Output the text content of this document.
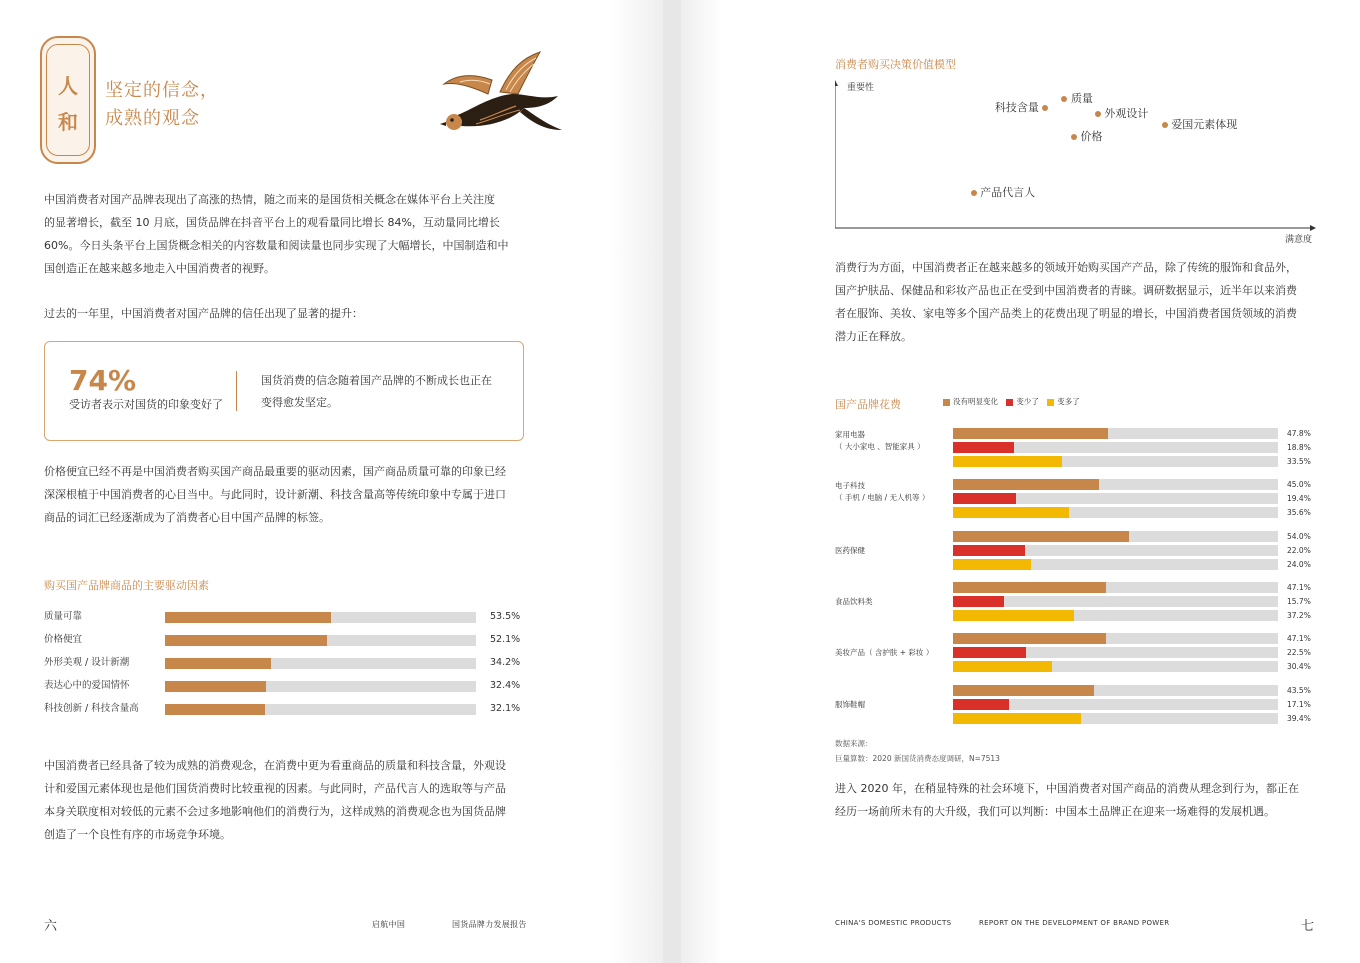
人
和
坚定的信念，
成熟的观念

中国消费者对国产品牌表现出了高涨的热情，随之而来的是国货相关概念在媒体平台上关注度
的显著增长，截至 10 月底，国货品牌在抖音平台上的观看量同比增长 84%，互动量同比增长
60%。今日头条平台上国货概念相关的内容数量和阅读量也同步实现了大幅增长，中国制造和中
国创造正在越来越多地走入中国消费者的视野。

过去的一年里，中国消费者对国产品牌的信任出现了显著的提升：

74%
受访者表示对国货的印象变好了
国货消费的信念随着国产品牌的不断成长也正在
变得愈发坚定。

价格便宜已经不再是中国消费者购买国产商品最重要的驱动因素，国产商品质量可靠的印象已经
深深根植于中国消费者的心目当中。与此同时，设计新潮、科技含量高等传统印象中专属于进口
商品的词汇已经逐渐成为了消费者心目中国产品牌的标签。

购买国产品牌商品的主要驱动因素

中国消费者已经具备了较为成熟的消费观念，在消费中更为看重商品的质量和科技含量，外观设
计和爱国元素体现也是他们国货消费时比较重视的因素。与此同时，产品代言人的选取等与产品
本身关联度相对较低的元素不会过多地影响他们的消费行为，这样成熟的消费观念也为国货品牌
创造了一个良性有序的市场竞争环境。

六	启航中国	国货品牌力发展报告
质量可靠	53.5%
价格便宜	52.1%
外形美观 / 设计新潮	34.2%
表达心中的爱国情怀	32.4%
科技创新 / 科技含量高	32.1%
消费者购买决策价值模型
重要性
满意度
质量
科技含量	外观设计
爱国元素体现
价格
产品代言人

消费行为方面，中国消费者正在越来越多的领域开始购买国产产品，除了传统的服饰和食品外，
国产护肤品、保健品和彩妆产品也正在受到中国消费者的青睐。调研数据显示，近半年以来消费
者在服饰、美妆、家电等多个国产品类上的花费出现了明显的增长，中国消费者国货领域的消费
潜力正在释放。

国产品牌花费	没有明显变化 变少了 变多了
数据来源：
巨量算数：2020 新国货消费态度调研，N=7513

进入 2020 年，在稍显特殊的社会环境下，中国消费者对国产商品的消费从理念到行为，都正在
经历一场前所未有的大升级，我们可以判断：中国本土品牌正在迎来一场难得的发展机遇。

CHINA'S DOMESTIC PRODUCTS	REPORT ON THE DEVELOPMENT OF BRAND POWER	七
家用电器
（ 大小家电 、智能家具 ）
47.8%
18.8%
33.5%
电子科技
（ 手机 / 电脑 / 无人机等 ）
45.0%
19.4%
35.6%
医药保健
54.0%
22.0%
24.0%
食品饮料类
47.1%
15.7%
37.2%
美妆产品（ 含护肤 + 彩妆 ）
47.1%
22.5%
30.4%
服饰鞋帽
43.5%
17.1%
39.4%
